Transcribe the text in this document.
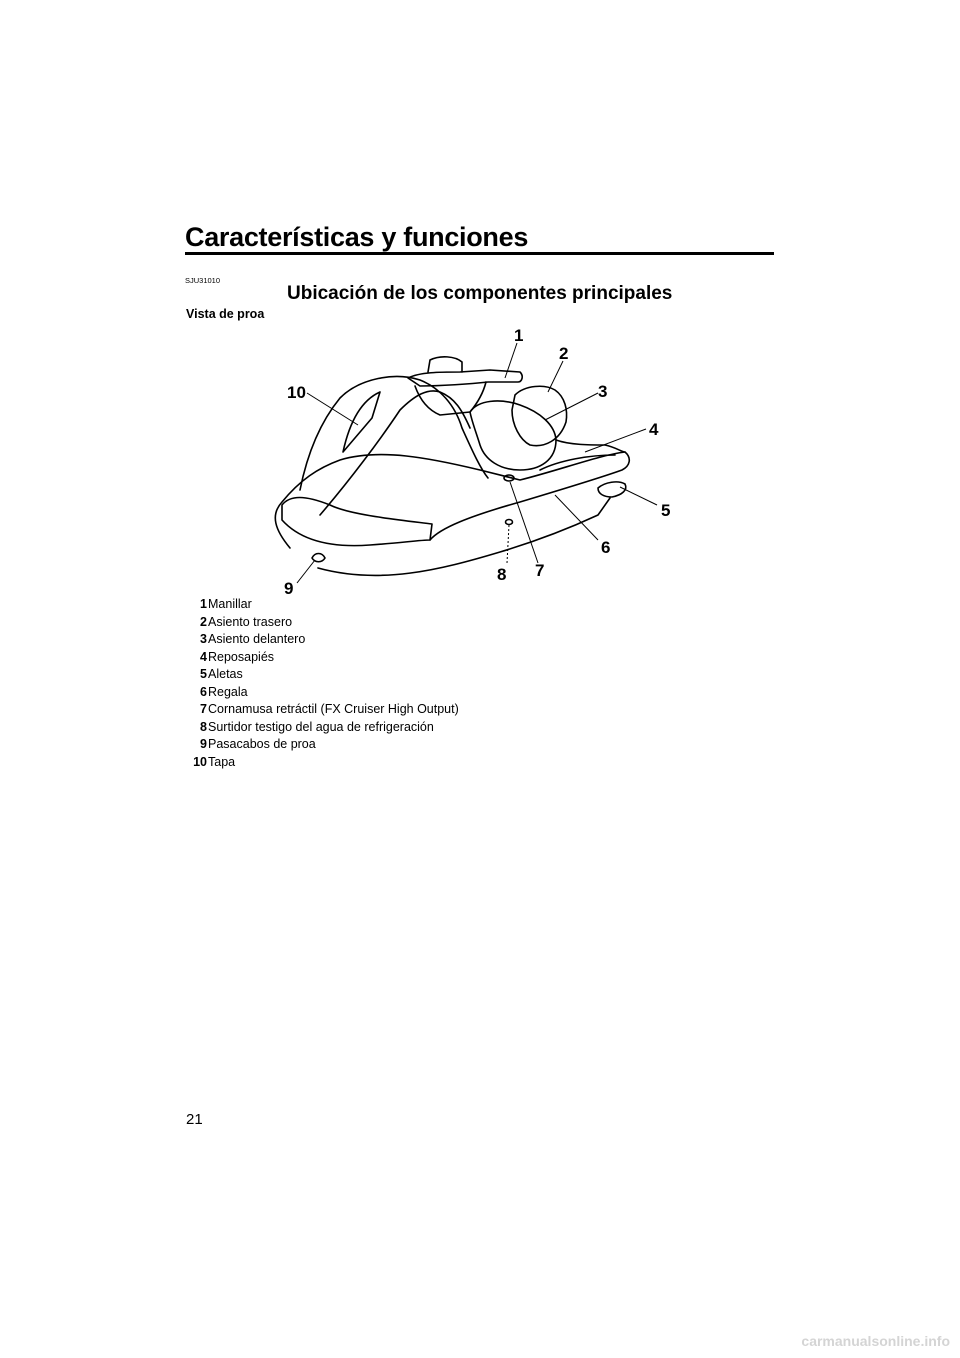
Características y funciones
SJU31010
Ubicación de los componentes principales
Vista de proa
1
2
3
4
5
6
7
8
9
10
1 Manillar
2 Asiento trasero
3 Asiento delantero
4 Reposapiés
5 Aletas
6 Regala
7 Cornamusa retráctil (FX Cruiser High Output)
8 Surtidor testigo del agua de refrigeración
9 Pasacabos de proa
10 Tapa
21
carmanualsonline.info
